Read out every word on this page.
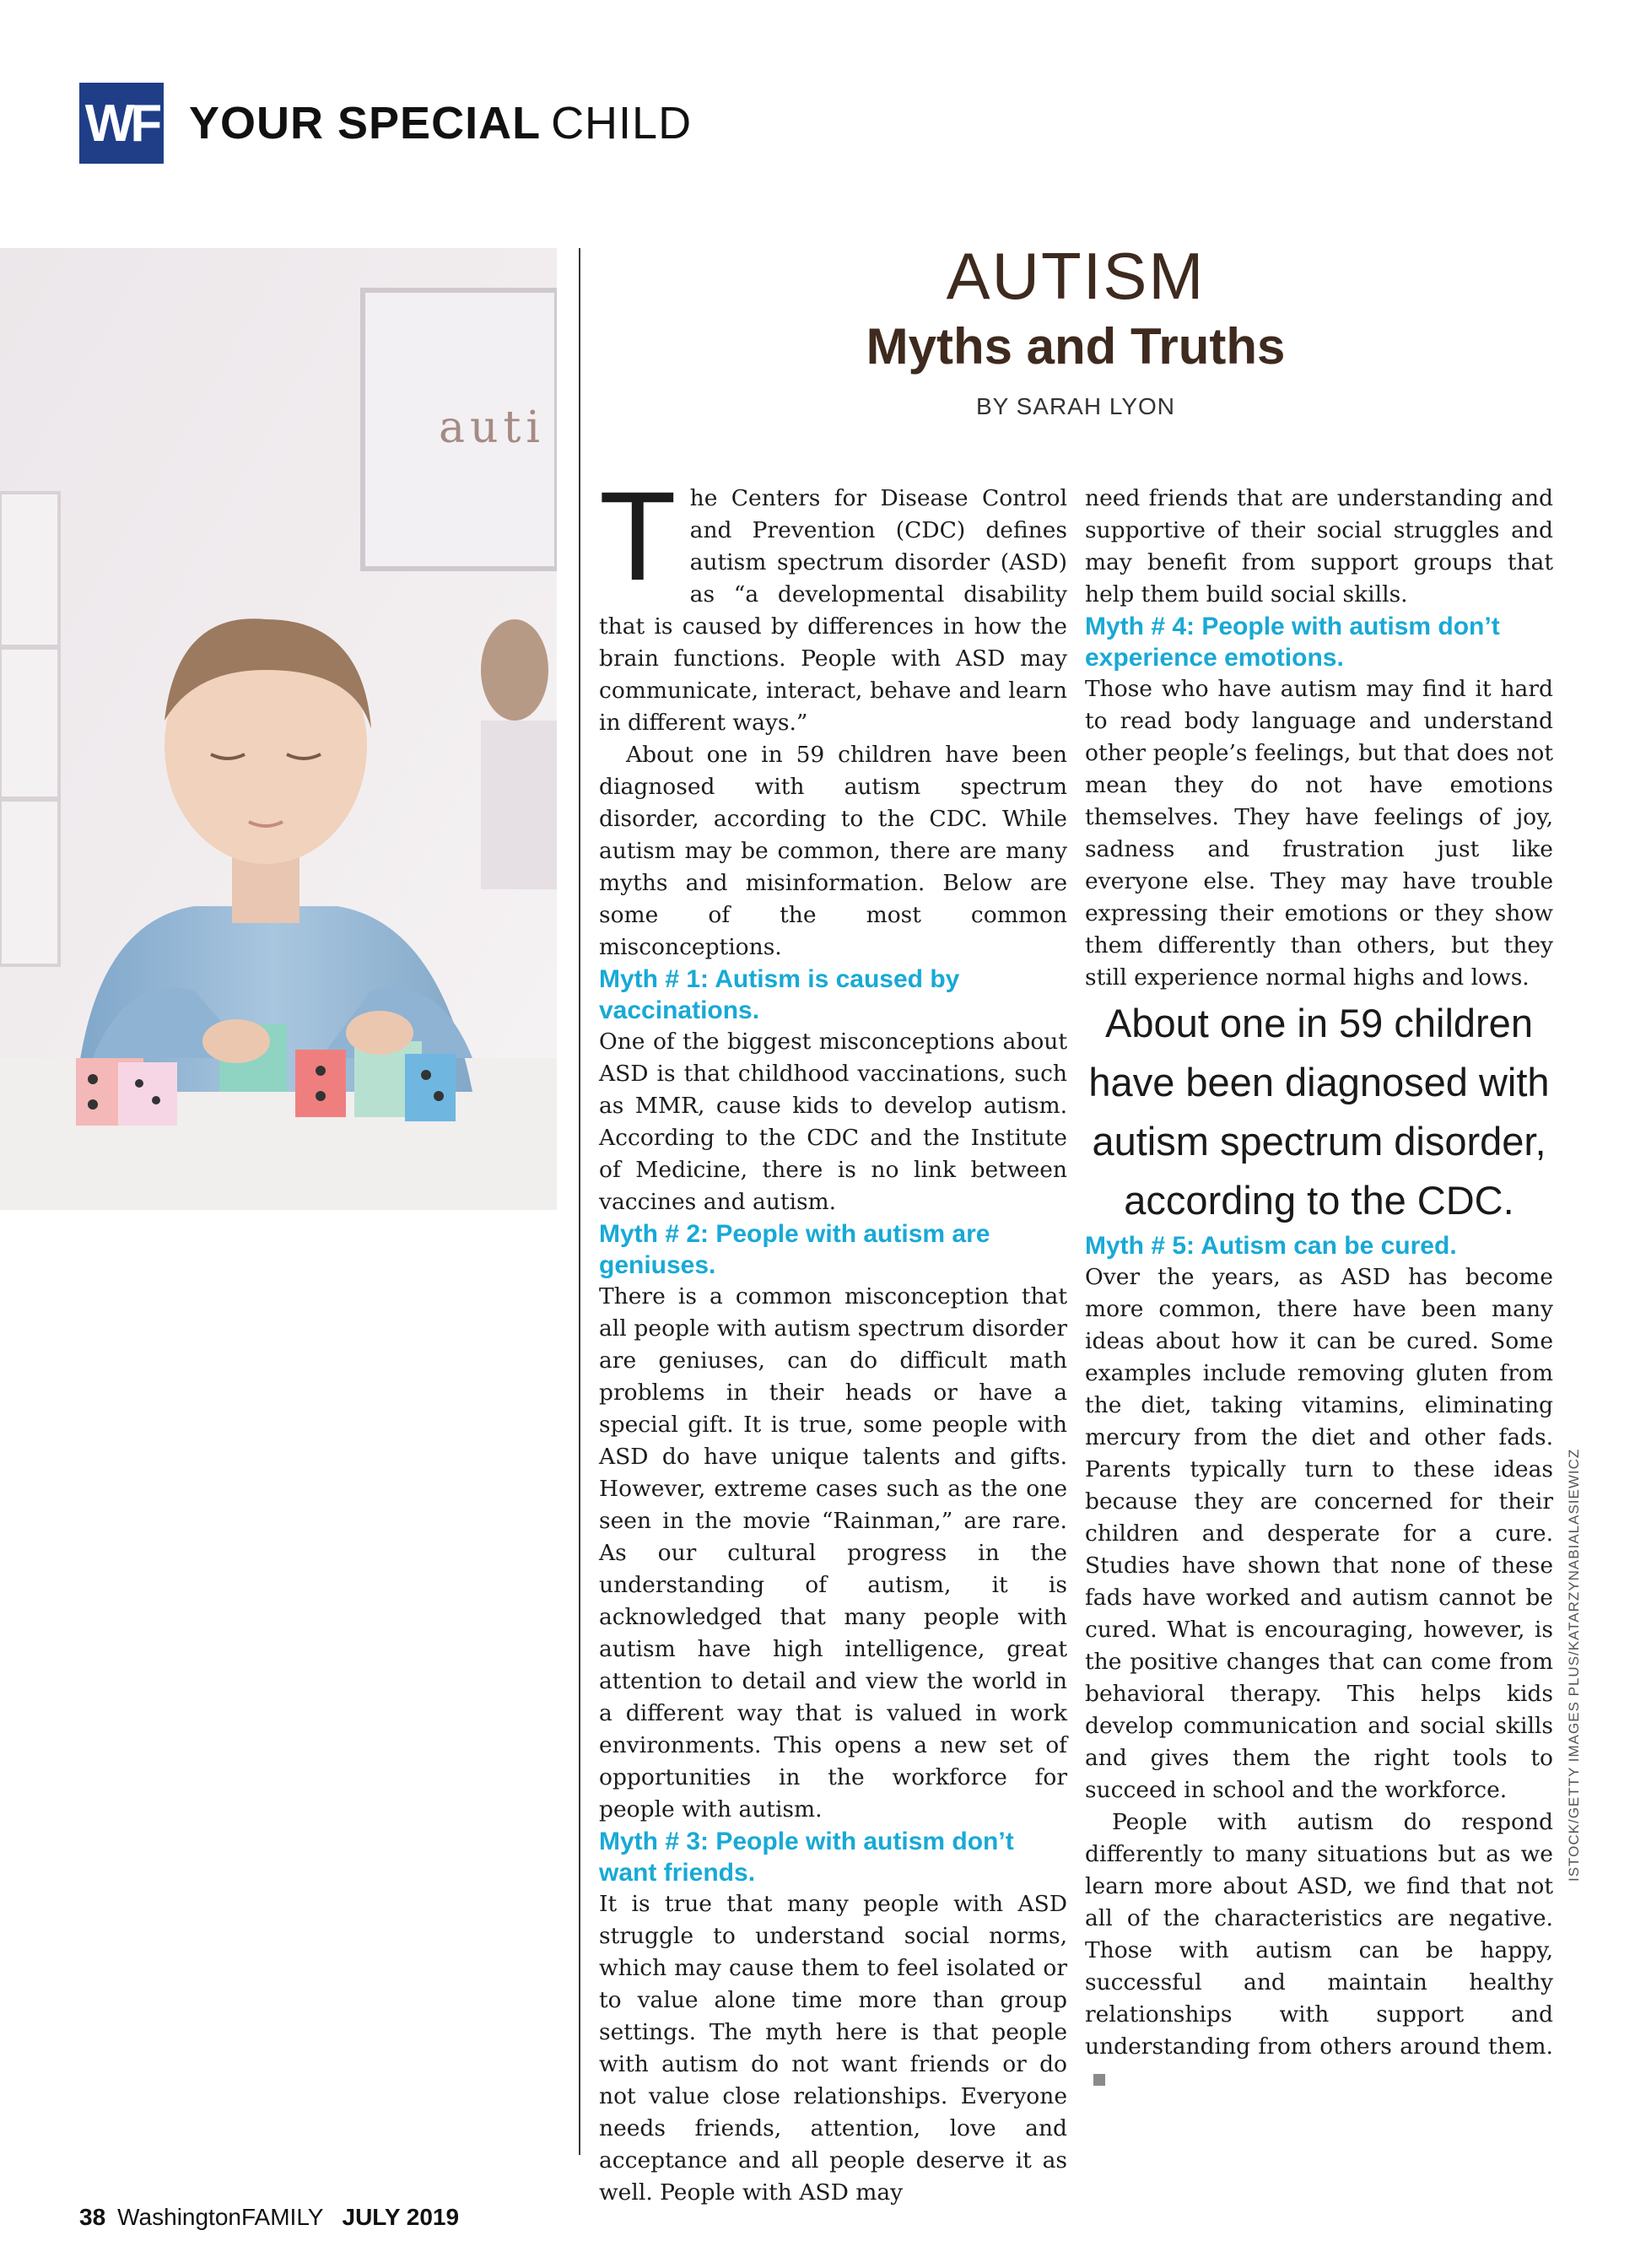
WF YOUR SPECIAL CHILD
auti
AUTISM
Myths and Truths
BY SARAH LYON

The Centers for Disease Control and Prevention (CDC) defines autism spectrum disorder (ASD) as “a developmental disability that is caused by differences in how the brain functions. People with ASD may communicate, interact, behave and learn in different ways.”

About one in 59 children have been diagnosed with autism spectrum disorder, according to the CDC. While autism may be common, there are many myths and misinformation. Below are some of the most common misconceptions.

Myth # 1: Autism is caused by vaccinations.

One of the biggest misconceptions about ASD is that childhood vaccinations, such as MMR, cause kids to develop autism. According to the CDC and the Institute of Medicine, there is no link between vaccines and autism.

Myth # 2: People with autism are geniuses.

There is a common misconception that all people with autism spectrum disorder are geniuses, can do difficult math problems in their heads or have a special gift. It is true, some people with ASD do have unique talents and gifts. However, extreme cases such as the one seen in the movie “Rainman,” are rare. As our cultural progress in the understanding of autism, it is acknowledged that many people with autism have high intelligence, great attention to detail and view the world in a different way that is valued in work environments. This opens a new set of opportunities in the workforce for people with autism.

Myth # 3: People with autism don’t want friends.

It is true that many people with ASD struggle to understand social norms, which may cause them to feel isolated or to value alone time more than group settings. The myth here is that people with autism do not want friends or do not value close relationships. Everyone needs friends, attention, love and acceptance and all people deserve it as well. People with ASD may

need friends that are understanding and supportive of their social struggles and may benefit from support groups that help them build social skills.

Myth # 4: People with autism don’t experience emotions.

Those who have autism may find it hard to read body language and understand other people’s feelings, but that does not mean they do not have emotions themselves. They have feelings of joy, sadness and frustration just like everyone else. They may have trouble expressing their emotions or they show them differently than others, but they still experience normal highs and lows.

About one in 59 children have been diagnosed with autism spectrum disorder, according to the CDC.

Myth # 5: Autism can be cured.

Over the years, as ASD has become more common, there have been many ideas about how it can be cured. Some examples include removing gluten from the diet, taking vitamins, eliminating mercury from the diet and other fads. Parents typically turn to these ideas because they are concerned for their children and desperate for a cure. Studies have shown that none of these fads have worked and autism cannot be cured. What is encouraging, however, is the positive changes that can come from behavioral therapy. This helps kids develop communication and social skills and gives them the right tools to succeed in school and the workforce.

People with autism do respond differently to many situations but as we learn more about ASD, we find that not all of the characteristics are negative. Those with autism can be happy, successful and maintain healthy relationships with support and understanding from others around them.

ISTOCK/GETTY IMAGES PLUS/KATARZYNABIALASIEWICZ
38 WashingtonFAMILY JULY 2019
